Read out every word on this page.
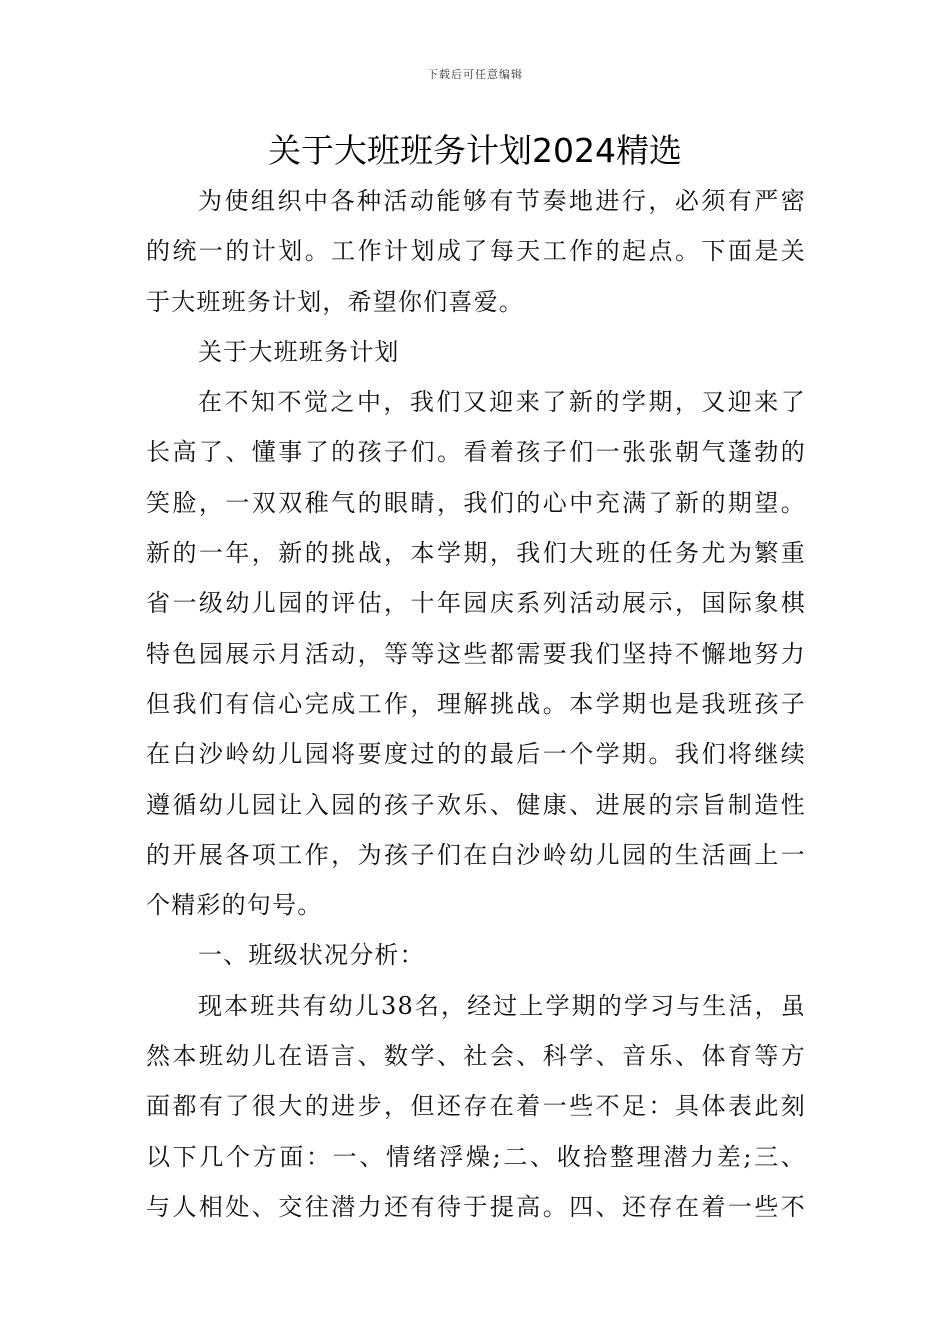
下载后可任意编辑
关于大班班务计划2024精选
为使组织中各种活动能够有节奏地进行，必须有严密
的统一的计划。工作计划成了每天工作的起点。下面是关
于大班班务计划，希望你们喜爱。
关于大班班务计划
在不知不觉之中，我们又迎来了新的学期，又迎来了
长高了、懂事了的孩子们。看着孩子们一张张朝气蓬勃的
笑脸，一双双稚气的眼睛，我们的心中充满了新的期望。
新的一年，新的挑战，本学期，我们大班的任务尤为繁重
省一级幼儿园的评估，十年园庆系列活动展示，国际象棋
特色园展示月活动，等等这些都需要我们坚持不懈地努力
但我们有信心完成工作，理解挑战。本学期也是我班孩子
在白沙岭幼儿园将要度过的的最后一个学期。我们将继续
遵循幼儿园让入园的孩子欢乐、健康、进展的宗旨制造性
的开展各项工作，为孩子们在白沙岭幼儿园的生活画上一
个精彩的句号。
一、班级状况分析：
现本班共有幼儿38名，经过上学期的学习与生活，虽
然本班幼儿在语言、数学、社会、科学、音乐、体育等方
面都有了很大的进步，但还存在着一些不足：具体表此刻
以下几个方面：一、情绪浮燥;二、收拾整理潜力差;三、
与人相处、交往潜力还有待于提高。四、还存在着一些不
